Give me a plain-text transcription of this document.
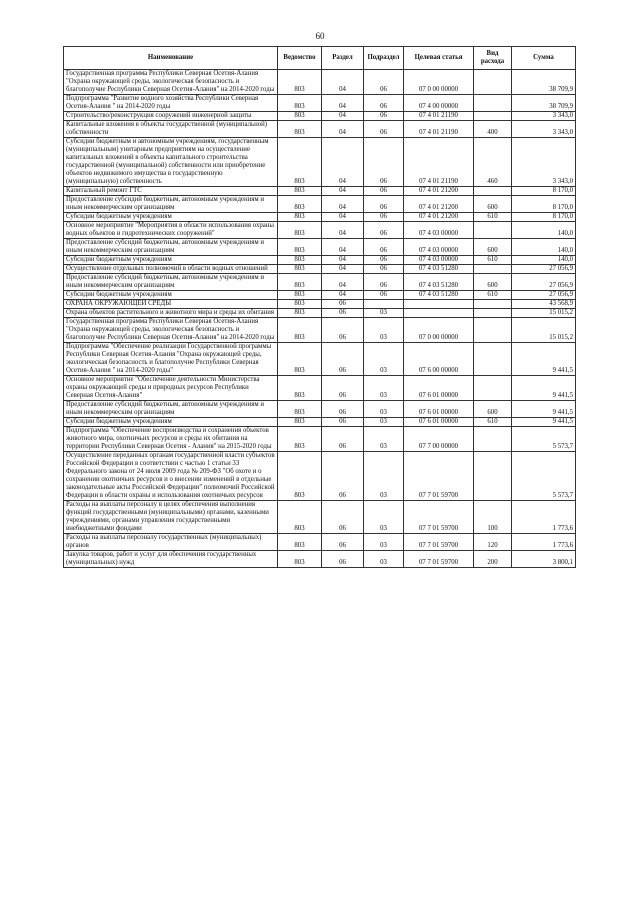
60
Наименование	Ведомство	Раздел	Подраздел	Целевая статья	Вид расхода	Сумма
Государственная программа Республики Северная Осетия-Алания "Охрана окружающей среды, экологическая безопасность и благополучие Республики Северная Осетия-Алания" на 2014-2020 годы	803	04	06	07 0 00 00000		38 709,9
Подпрограмма "Развитие водного хозяйства Республики Северная Осетия-Алания " на 2014-2020 годы	803	04	06	07 4 00 00000		38 709,9
Строительство/реконструкция сооружений инженерной защиты	803	04	06	07 4 01 21190		3 343,0
Капитальные вложения в объекты государственной (муниципальной) собственности	803	04	06	07 4 01 21190	400	3 343,0
Субсидии бюджетным и автономным учреждениям, государственным (муниципальным) унитарным предприятиям на осуществление капитальных вложений в объекты капитального строительства государственной (муниципальной) собственности или приобретение объектов недвижимого имущества в государственную (муниципальную) собственность	803	04	06	07 4 01 21190	460	3 343,0
Капитальный ремонт ГТС	803	04	06	07 4 01 21200		8 170,0
Предоставление субсидий бюджетным, автономным учреждениям и иным некоммерческим организациям	803	04	06	07 4 01 21200	600	8 170,0
Субсидии бюджетным учреждениям	803	04	06	07 4 01 21200	610	8 170,0
Основное мероприятие "Мероприятия в области использования охраны водных объектов и гидротехнических сооружений"	803	04	06	07 4 03 00000		140,0
Предоставление субсидий бюджетным, автономным учреждениям и иным некоммерческим организациям	803	04	06	07 4 03 00000	600	140,0
Субсидии бюджетным учреждениям	803	04	06	07 4 03 00000	610	140,0
Осуществление отдельных полномочий в области водных отношений	803	04	06	07 4 03 51280		27 056,9
Предоставление субсидий бюджетным, автономным учреждениям и иным некоммерческим организациям	803	04	06	07 4 03 51280	600	27 056,9
Субсидии бюджетным учреждениям	803	04	06	07 4 03 51280	610	27 056,9
ОХРАНА ОКРУЖАЮЩЕЙ СРЕДЫ	803	06				43 568,9
Охрана объектов растительного и животного мира и среды их обитания	803	06	03			15 015,2
Государственная программа Республики Северная Осетия-Алания "Охрана окружающей среды, экологическая безопасность и благополучие Республики Северная Осетия-Алания" на 2014-2020 годы	803	06	03	07 0 00 00000		15 015,2
Подпрограмма "Обеспечение реализации Государственной программы Республики Северная Осетия-Алания "Охрана окружающей среды, экологическая безопасность и благополучие Республики Северная Осетия-Алания " на 2014-2020 годы"	803	06	03	07 6 00 00000		9 441,5
Основное мероприятие "Обеспечение деятельности Министерства охраны окружающей среды и природных ресурсов Республики Северная Осетия-Алания"	803	06	03	07 6 01 00000		9 441,5
Предоставление субсидий бюджетным, автономным учреждениям и иным некоммерческим организациям	803	06	03	07 6 01 00000	600	9 441,5
Субсидии бюджетным учреждениям	803	06	03	07 6 01 00000	610	9 441,5
Подпрограмма "Обеспечение воспроизводства и сохранения объектов животного мира, охотничьих ресурсов и среды их обитания на территории Республики Северная Осетия - Алания" на 2015-2020 годы	803	06	03	07 7 00 00000		5 573,7
Осуществление переданных органам государственной власти субъектов Российской Федерации в соответствии с частью 1 статьи 33 Федерального закона от 24 июля 2009 года № 209-ФЗ "Об охоте и о сохранении охотничьих ресурсов и о внесении изменений в отдельные законодательные акты Российской Федерации" полномочий Российской Федерации в области охраны и использования охотничьих ресурсов	803	06	03	07 7 01 59700		5 573,7
Расходы на выплаты персоналу в целях обеспечения выполнения функций государственными (муниципальными) органами, казенными учреждениями, органами управления государственными внебюджетными фондами	803	06	03	07 7 01 59700	100	1 773,6
Расходы на выплаты персоналу государственных (муниципальных) органов	803	06	03	07 7 01 59700	120	1 773,6
Закупка товаров, работ и услуг для обеспечения государственных (муниципальных) нужд	803	06	03	07 7 01 59700	200	3 800,1
